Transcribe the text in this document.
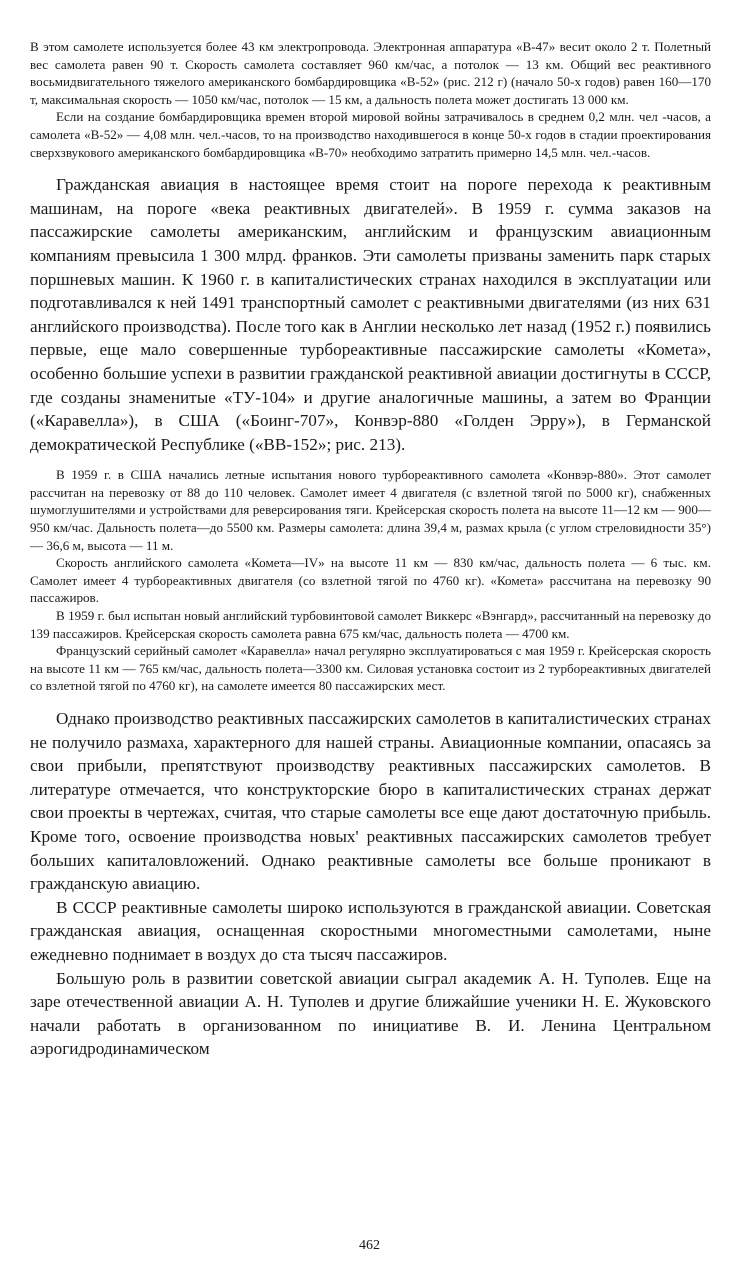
В этом самолете используется более 43 км электропровода. Электронная аппаратура «В-47» весит около 2 т. Полетный вес самолета равен 90 т. Скорость самолета составляет 960 км/час, а потолок — 13 км. Общий вес реактивного восьмидвигательного тяжелого американского бомбардировщика «В-52» (рис. 212 г) (начало 50-х годов) равен 160—170 т, максимальная скорость — 1050 км/час, потолок — 15 км, а дальность полета может достигать 13 000 км.

Если на создание бомбардировщика времен второй мировой войны затрачивалось в среднем 0,2 млн. чел -часов, а самолета «В-52» — 4,08 млн. чел.-часов, то на производство находившегося в конце 50-х годов в стадии проектирования сверхзвукового американского бомбардировщика «В-70» необходимо затратить примерно 14,5 млн. чел.-часов.

Гражданская авиация в настоящее время стоит на пороге перехода к реактивным машинам, на пороге «века реактивных двигателей». В 1959 г. сумма заказов на пассажирские самолеты американским, английским и французским авиационным компаниям превысила 1 300 млрд. франков. Эти самолеты призваны заменить парк старых поршневых машин. К 1960 г. в капиталистических странах находился в эксплуатации или подготавливался к ней 1491 транспортный самолет с реактивными двигателями (из них 631 английского производства). После того как в Англии несколько лет назад (1952 г.) появились первые, еще мало совершенные турбореактивные пассажирские самолеты «Комета», особенно большие успехи в развитии гражданской реактивной авиации достигнуты в СССР, где созданы знаменитые «ТУ-104» и другие аналогичные машины, а затем во Франции («Каравелла»), в США («Боинг-707», Конвэр-880 «Голден Эрру»), в Германской демократической Республике («ВВ-152»; рис. 213).

В 1959 г. в США начались летные испытания нового турбореактивного самолета «Конвэр-880». Этот самолет рассчитан на перевозку от 88 до 110 человек. Самолет имеет 4 двигателя (с взлетной тягой по 5000 кг), снабженных шумоглушителями и устройствами для реверсирования тяги. Крейсерская скорость полета на высоте 11—12 км — 900— 950 км/час. Дальность полета—до 5500 км. Размеры самолета: длина 39,4 м, размах крыла (с углом стреловидности 35°) — 36,6 м, высота — 11 м.

Скорость английского самолета «Комета—IV» на высоте 11 км — 830 км/час, дальность полета — 6 тыс. км. Самолет имеет 4 турбореактивных двигателя (со взлетной тягой по 4760 кг). «Комета» рассчитана на перевозку 90 пассажиров.

В 1959 г. был испытан новый английский турбовинтовой самолет Виккерс «Вэнгард», рассчитанный на перевозку до 139 пассажиров. Крейсерская скорость самолета равна 675 км/час, дальность полета — 4700 км.

Французский серийный самолет «Каравелла» начал регулярно эксплуатироваться с мая 1959 г. Крейсерская скорость на высоте 11 км — 765 км/час, дальность полета—3300 км. Силовая установка состоит из 2 турбореактивных двигателей со взлетной тягой по 4760 кг), на самолете имеется 80 пассажирских мест.

Однако производство реактивных пассажирских самолетов в капиталистических странах не получило размаха, характерного для нашей страны. Авиационные компании, опасаясь за свои прибыли, препятствуют производству реактивных пассажирских самолетов. В литературе отмечается, что конструкторские бюро в капиталистических странах держат свои проекты в чертежах, считая, что старые самолеты все еще дают достаточную прибыль. Кроме того, освоение производства новых' реактивных пассажирских самолетов требует больших капиталовложений. Однако реактивные самолеты все больше проникают в гражданскую авиацию.

В СССР реактивные самолеты широко используются в гражданской авиации. Советская гражданская авиация, оснащенная скоростными многоместными самолетами, ныне ежедневно поднимает в воздух до ста тысяч пассажиров.

Большую роль в развитии советской авиации сыграл академик А. Н. Туполев. Еще на заре отечественной авиации А. Н. Туполев и другие ближайшие ученики Н. Е. Жуковского начали работать в организованном по инициативе В. И. Ленина Центральном аэрогидродинамическом

462
